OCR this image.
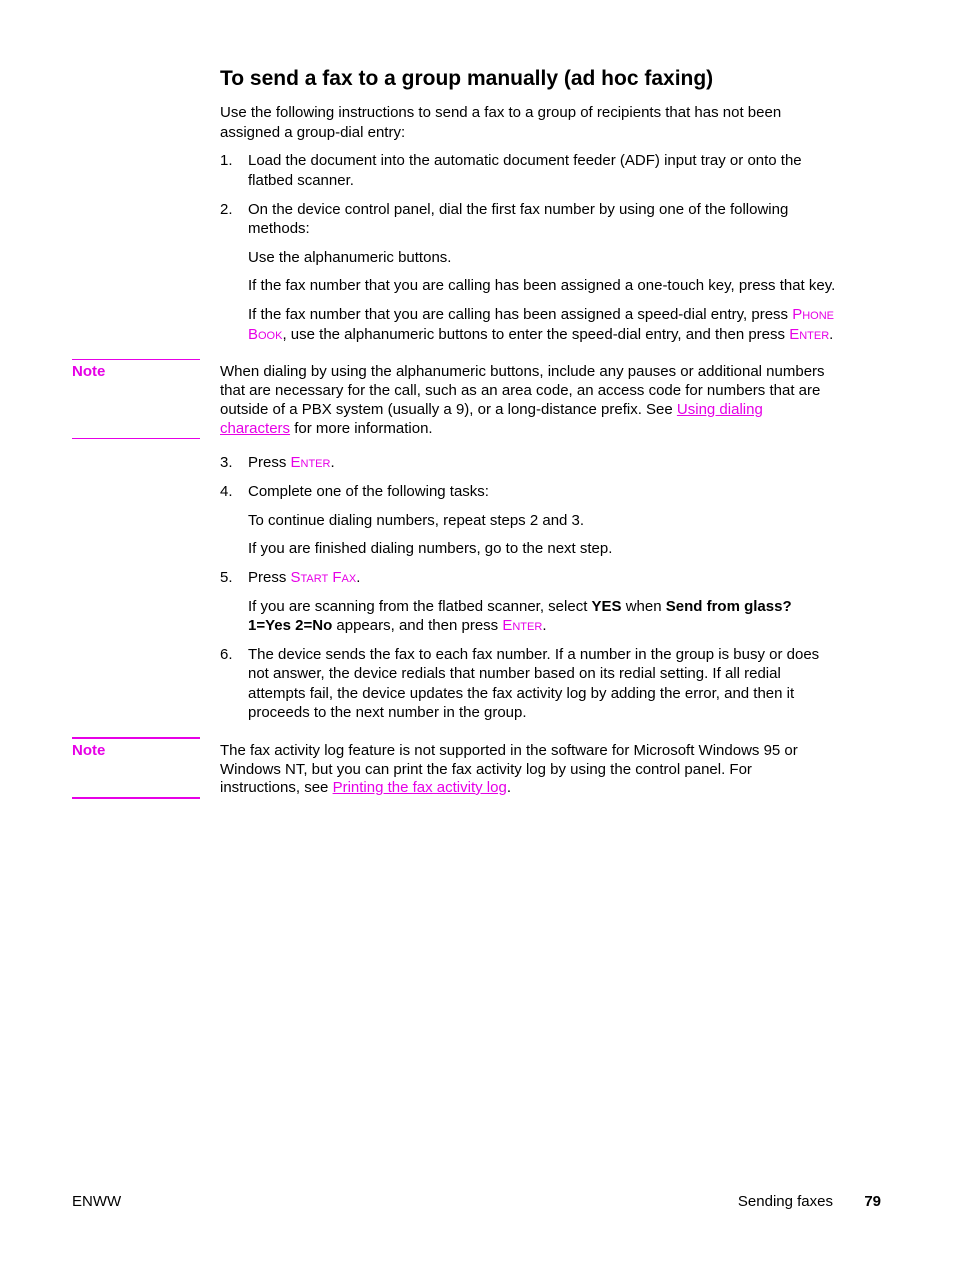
To send a fax to a group manually (ad hoc faxing)
Use the following instructions to send a fax to a group of recipients that has not been
assigned a group-dial entry:
1. Load the document into the automatic document feeder (ADF) input tray or onto the
flatbed scanner.
2. On the device control panel, dial the first fax number by using one of the following
methods:
Use the alphanumeric buttons.
If the fax number that you are calling has been assigned a one-touch key, press that key.
If the fax number that you are calling has been assigned a speed-dial entry, press Phone
Book, use the alphanumeric buttons to enter the speed-dial entry, and then press Enter.
Note	When dialing by using the alphanumeric buttons, include any pauses or additional numbers
that are necessary for the call, such as an area code, an access code for numbers that are
outside of a PBX system (usually a 9), or a long-distance prefix. See Using dialing
characters for more information.
3. Press Enter.
4. Complete one of the following tasks:
To continue dialing numbers, repeat steps 2 and 3.
If you are finished dialing numbers, go to the next step.
5. Press Start Fax.
If you are scanning from the flatbed scanner, select YES when Send from glass?
1=Yes 2=No appears, and then press Enter.
6. The device sends the fax to each fax number. If a number in the group is busy or does
not answer, the device redials that number based on its redial setting. If all redial
attempts fail, the device updates the fax activity log by adding the error, and then it
proceeds to the next number in the group.
Note	The fax activity log feature is not supported in the software for Microsoft Windows 95 or
Windows NT, but you can print the fax activity log by using the control panel. For
instructions, see Printing the fax activity log.
ENWW	Sending faxes 79
